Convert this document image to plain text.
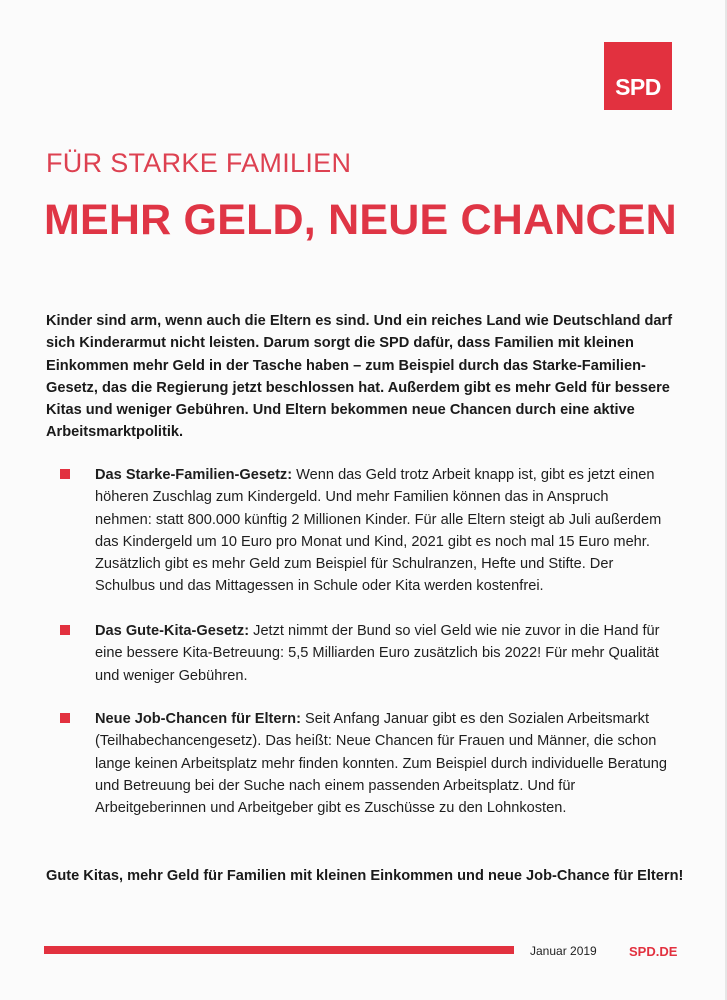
SPD
FÜR STARKE FAMILIEN
MEHR GELD, NEUE CHANCEN
Kinder sind arm, wenn auch die Eltern es sind. Und ein reiches Land wie Deutschland darf sich Kinderarmut nicht leisten. Darum sorgt die SPD dafür, dass Familien mit kleinen Einkommen mehr Geld in der Tasche haben – zum Beispiel durch das Starke-Familien-Gesetz, das die Regierung jetzt beschlossen hat. Außerdem gibt es mehr Geld für bessere Kitas und weniger Gebühren. Und Eltern bekommen neue Chancen durch eine aktive Arbeitsmarktpolitik.
Das Starke-Familien-Gesetz: Wenn das Geld trotz Arbeit knapp ist, gibt es jetzt einen höheren Zuschlag zum Kindergeld. Und mehr Familien können das in Anspruch nehmen: statt 800.000 künftig 2 Millionen Kinder. Für alle Eltern steigt ab Juli außerdem das Kindergeld um 10 Euro pro Monat und Kind, 2021 gibt es noch mal 15 Euro mehr. Zusätzlich gibt es mehr Geld zum Beispiel für Schulranzen, Hefte und Stifte. Der Schulbus und das Mittagessen in Schule oder Kita werden kostenfrei.
Das Gute-Kita-Gesetz: Jetzt nimmt der Bund so viel Geld wie nie zuvor in die Hand für eine bessere Kita-Betreuung: 5,5 Milliarden Euro zusätzlich bis 2022! Für mehr Qualität und weniger Gebühren.
Neue Job-Chancen für Eltern: Seit Anfang Januar gibt es den Sozialen Arbeitsmarkt (Teilhabechancengesetz). Das heißt: Neue Chancen für Frauen und Männer, die schon lange keinen Arbeitsplatz mehr finden konnten. Zum Beispiel durch individuelle Beratung und Betreuung bei der Suche nach einem passenden Arbeitsplatz. Und für Arbeitgeberinnen und Arbeitgeber gibt es Zuschüsse zu den Lohnkosten.
Gute Kitas, mehr Geld für Familien mit kleinen Einkommen und neue Job-Chance für Eltern!
Januar 2019 SPD.DE
